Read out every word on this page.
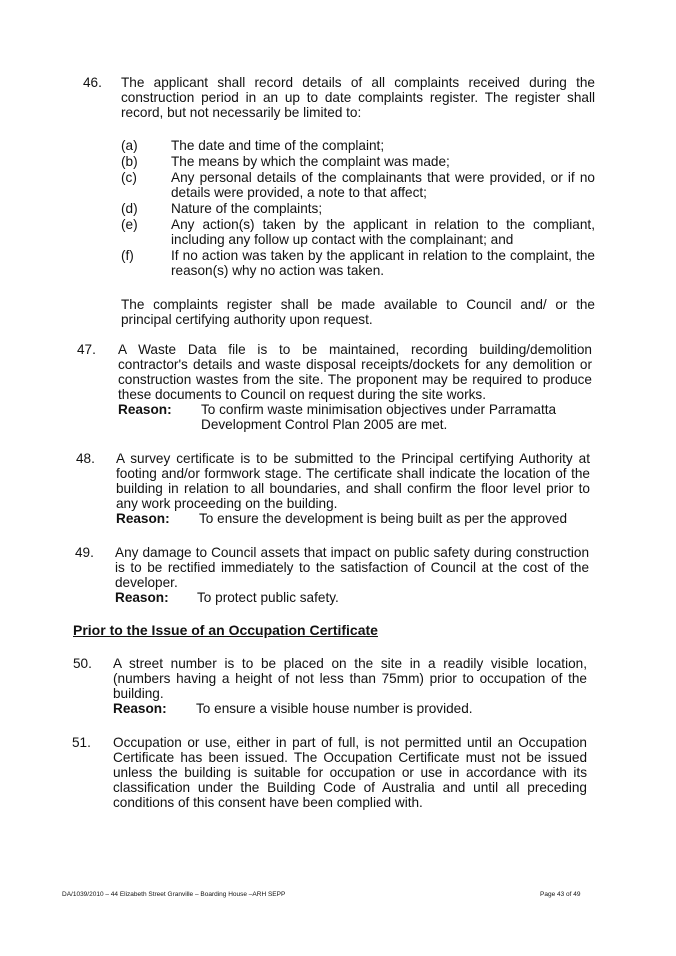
46. The applicant shall record details of all complaints received during the construction period in an up to date complaints register. The register shall record, but not necessarily be limited to:

(a) The date and time of the complaint;
(b) The means by which the complaint was made;
(c)	Any personal details of the complainants that were provided, or if no details were provided, a note to that affect;
(d) Nature of the complaints;
(e) Any action(s) taken by the applicant in relation to the compliant, including any follow up contact with the complainant; and
(f)	If no action was taken by the applicant in relation to the complaint, the reason(s) why no action was taken.

The complaints register shall be made available to Council and/ or the principal certifying authority upon request.

47. A Waste Data file is to be maintained, recording building/demolition contractor's details and waste disposal receipts/dockets for any demolition or construction wastes from the site. The proponent may be required to produce these documents to Council on request during the site works.

Reason: To confirm waste minimisation objectives under Parramatta Development Control Plan 2005 are met.
48. A survey certificate is to be submitted to the Principal certifying Authority at footing and/or formwork stage. The certificate shall indicate the location of the building in relation to all boundaries, and shall confirm the floor level prior to any work proceeding on the building.

Reason: To ensure the development is being built as per the approved
49. Any damage to Council assets that impact on public safety during construction is to be rectified immediately to the satisfaction of Council at the cost of the developer.

Reason: To protect public safety.
Prior to the Issue of an Occupation Certificate
50. A street number is to be placed on the site in a readily visible location, (numbers having a height of not less than 75mm) prior to occupation of the building.

Reason: To ensure a visible house number is provided.
51. Occupation or use, either in part of full, is not permitted until an Occupation Certificate has been issued. The Occupation Certificate must not be issued unless the building is suitable for occupation or use in accordance with its classification under the Building Code of Australia and until all preceding conditions of this consent have been complied with.

DA/1039/2010 – 44 Elizabeth Street Granville – Boarding House –ARH SEPP	Page 43 of 49
